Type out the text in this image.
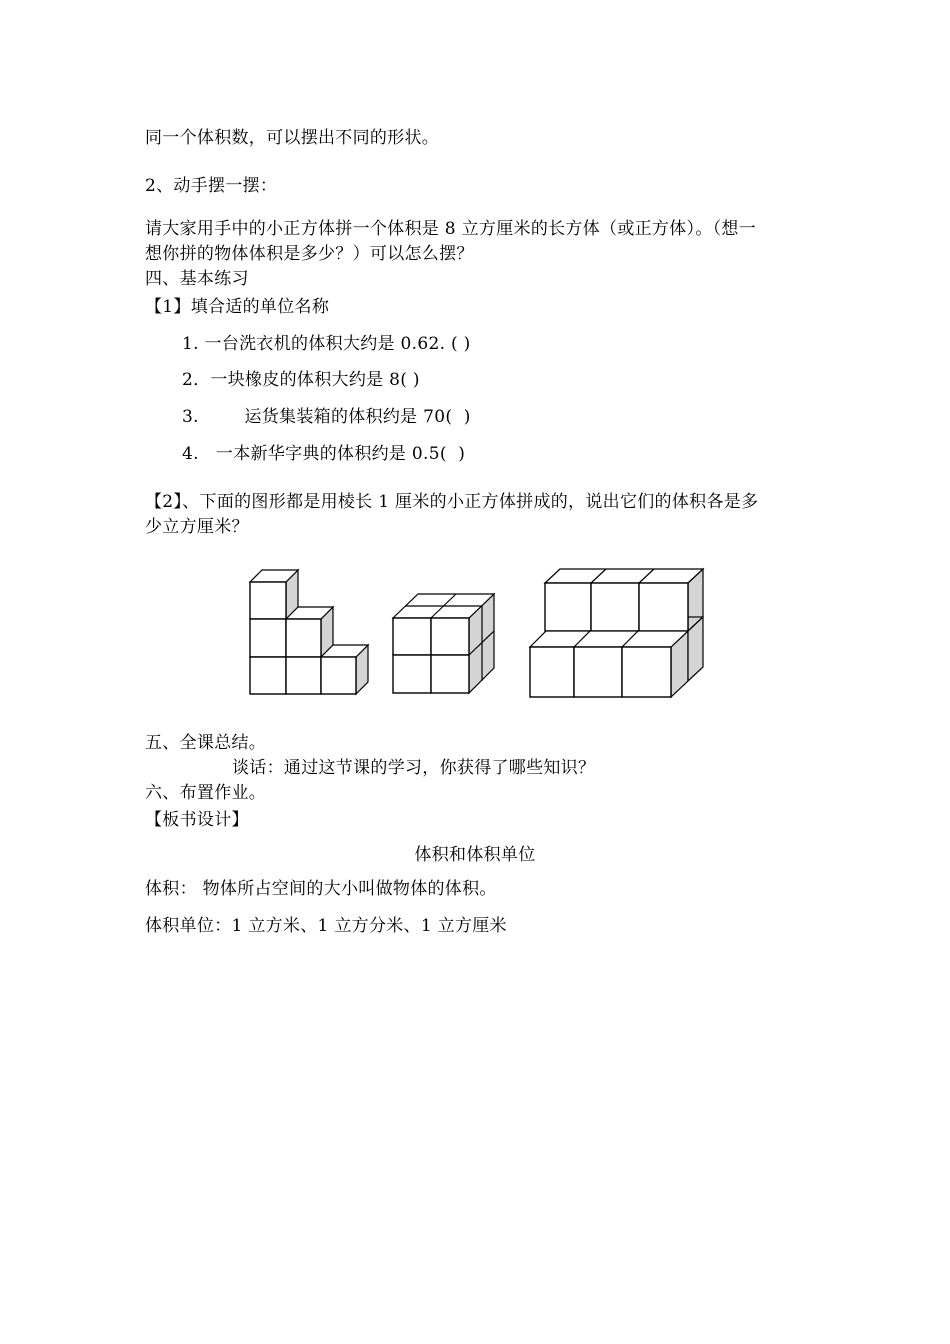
同一个体积数，可以摆出不同的形状。
2、动手摆一摆：
请大家用手中的小正方体拼一个体积是 8 立方厘米的长方体（或正方体）。（想一
想你拼的物体体积是多少？）可以怎么摆？
四、基本练习
【1】填合适的单位名称
1. 一台洗衣机的体积大约是 0.62. ( )
2．一块橡皮的体积大约是 8( )
3.        运货集装箱的体积约是 70(  )
4.   一本新华字典的体积约是 0.5(  )
【2】、下面的图形都是用棱长 1 厘米的小正方体拼成的，说出它们的体积各是多
少立方厘米？
五、全课总结。
谈话：通过这节课的学习，你获得了哪些知识？
六、布置作业。
【板书设计】
体积和体积单位
体积： 物体所占空间的大小叫做物体的体积。
体积单位：1 立方米、1 立方分米、1 立方厘米
